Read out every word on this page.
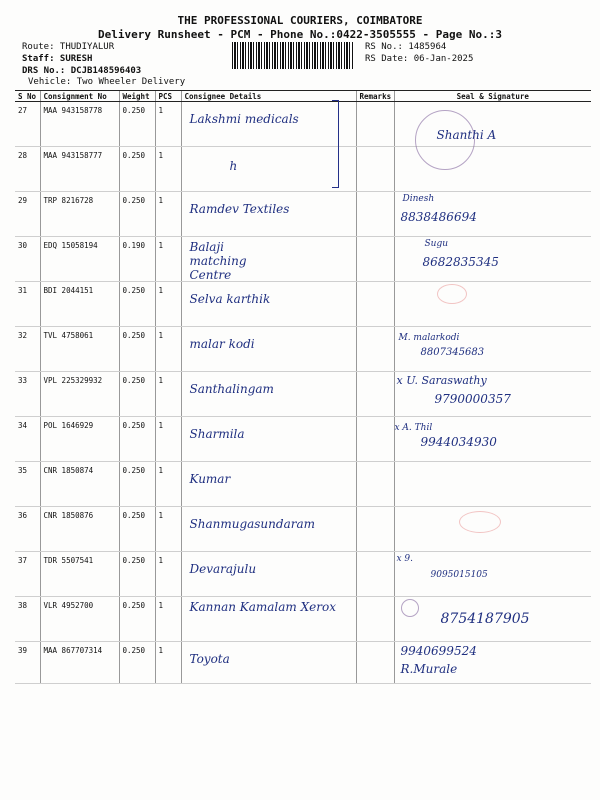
THE PROFESSIONAL COURIERS, COIMBATORE
Delivery Runsheet - PCM - Phone No.:0422-3505555 - Page No.:3
Route: THUDIYALUR
Staff: SURESH
DRS No.: DCJB148596403
Vehicle: Two Wheeler Delivery
RS No.: 1485964
RS Date: 06-Jan-2025
S No	Consignment No	Weight	PCS	Consignee Details	Remarks	Seal & Signature
27	MAA 943158778	0.250	1	Lakshmi medicals		Shanthi A

28	MAA 943158777	0.250	1	h		

29	TRP 8216728	0.250	1	Ramdev Textiles		Dinesh
8838486694

30	EDQ 15058194	0.190	1	Balaji matching Centre		Sugu
8682835345

31	BDI 2044151	0.250	1	Selva karthik		

32	TVL 4758061	0.250	1	malar kodi		M. malarkodi
8807345683

33	VPL 225329932	0.250	1	Santhalingam		x U. Saraswathy
9790000357

34	POL 1646929	0.250	1	Sharmila		x A. Thil
9944034930

35	CNR 1850874	0.250	1	Kumar		

36	CNR 1850876	0.250	1	Shanmugasundaram		

37	TDR 5507541	0.250	1	Devarajulu		x 9.
9095015105

38	VLR 4952700	0.250	1	Kannan Kamalam Xerox		8754187905

39	MAA 867707314	0.250	1	Toyota		9940699524
R.Murale
